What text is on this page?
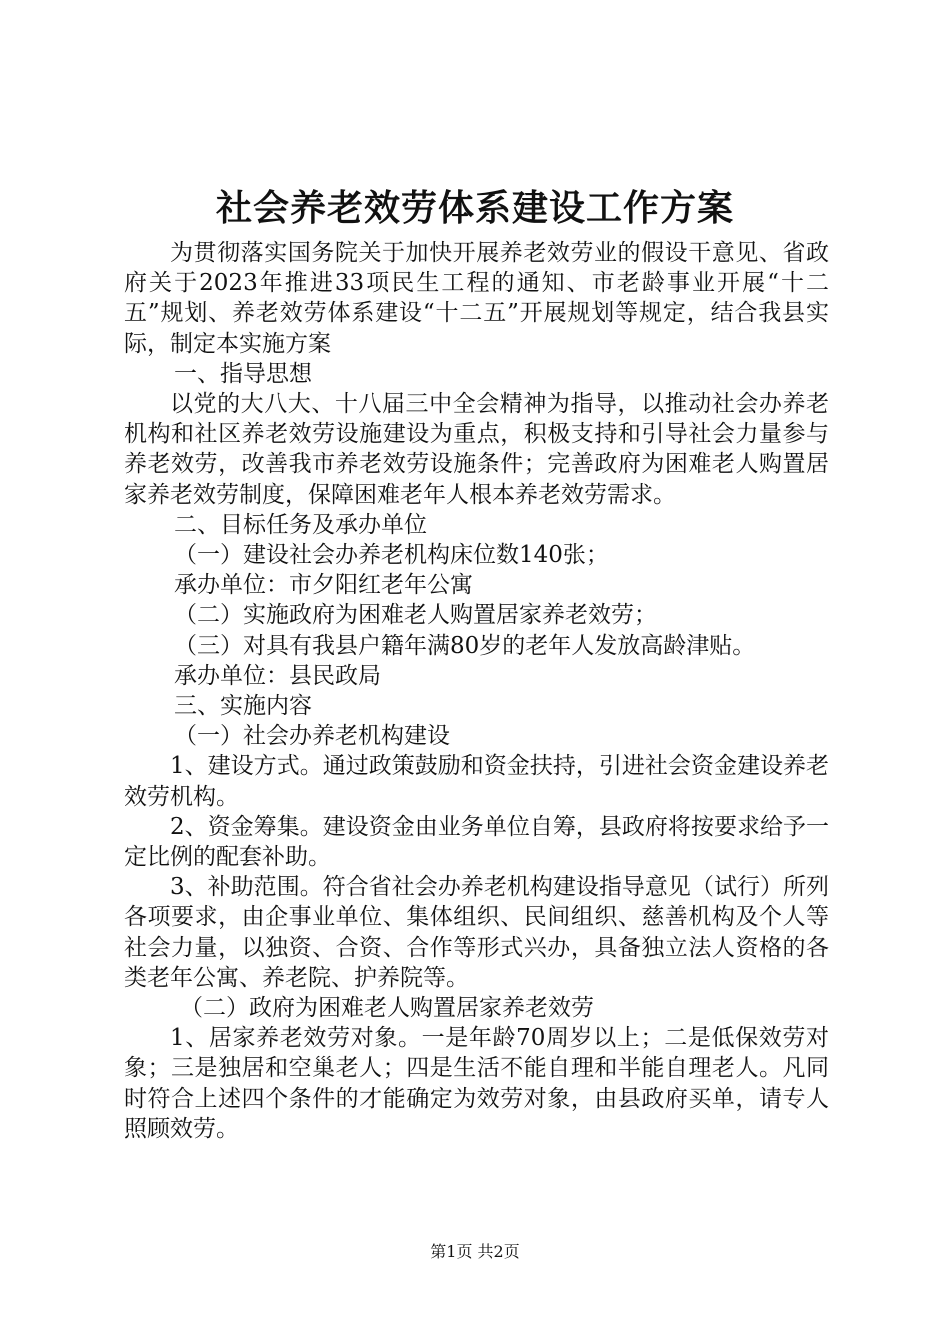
社会养老效劳体系建设工作方案

为贯彻落实国务院关于加快开展养老效劳业的假设干意见、省政府关于2023年推进33项民生工程的通知、市老龄事业开展“十二五”规划、养老效劳体系建设“十二五”开展规划等规定，结合我县实际，制定本实施方案

一、指导思想

以党的大八大、十八届三中全会精神为指导，以推动社会办养老机构和社区养老效劳设施建设为重点，积极支持和引导社会力量参与养老效劳，改善我市养老效劳设施条件；完善政府为困难老人购置居家养老效劳制度，保障困难老年人根本养老效劳需求。

二、目标任务及承办单位

（一）建设社会办养老机构床位数140张；

承办单位：市夕阳红老年公寓

（二）实施政府为困难老人购置居家养老效劳；

（三）对具有我县户籍年满80岁的老年人发放高龄津贴。

承办单位：县民政局

三、实施内容

（一）社会办养老机构建设

1、建设方式。通过政策鼓励和资金扶持，引进社会资金建设养老效劳机构。

2、资金筹集。建设资金由业务单位自筹，县政府将按要求给予一定比例的配套补助。

3、补助范围。符合省社会办养老机构建设指导意见（试行）所列各项要求，由企事业单位、集体组织、民间组织、慈善机构及个人等社会力量，以独资、合资、合作等形式兴办，具备独立法人资格的各类老年公寓、养老院、护养院等。

（二）政府为困难老人购置居家养老效劳

1、居家养老效劳对象。一是年龄70周岁以上；二是低保效劳对象；三是独居和空巢老人；四是生活不能自理和半能自理老人。凡同时符合上述四个条件的才能确定为效劳对象，由县政府买单，请专人照顾效劳。

第1页 共2页
